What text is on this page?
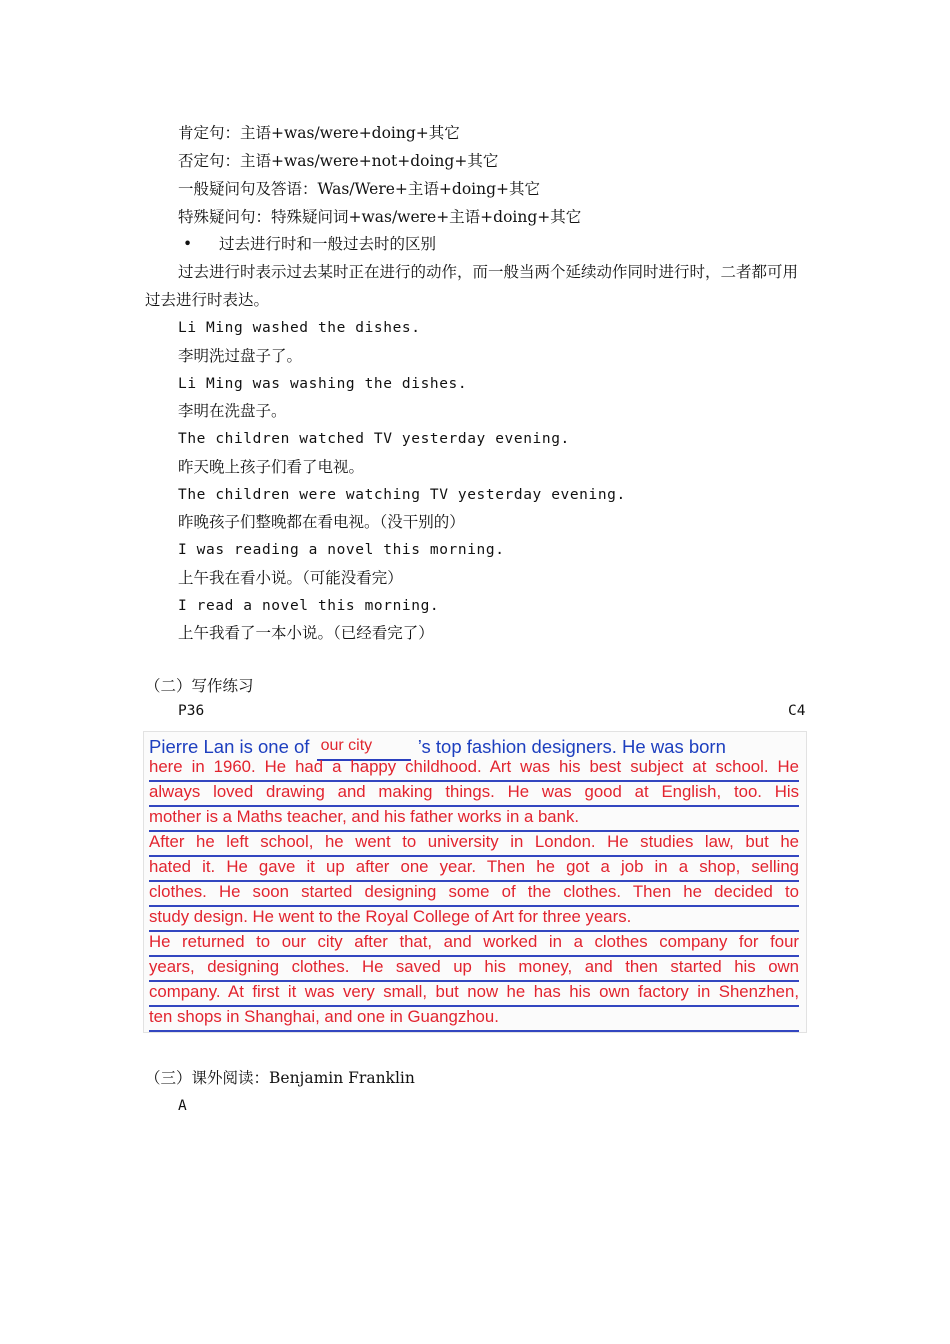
肯定句：主语+was/were+doing+其它
否定句：主语+was/were+not+doing+其它
一般疑问句及答语：Was/Were+主语+doing+其它
特殊疑问句：特殊疑问词+was/were+主语+doing+其它
• 过去进行时和一般过去时的区别
过去进行时表示过去某时正在进行的动作，而一般当两个延续动作同时进行时，二者都可用过去进行时表达。
Li Ming washed the dishes.
李明洗过盘子了。
Li Ming was washing the dishes.
李明在洗盘子。
The children watched TV yesterday evening.
昨天晚上孩子们看了电视。
The children were watching TV yesterday evening.
昨晚孩子们整晚都在看电视。（没干别的）
I was reading a novel this morning.
上午我在看小说。（可能没看完）
I read a novel this morning.
上午我看了一本小说。（已经看完了）
（二）写作练习
P36	C4
Pierre Lan is one of our city ’s top fashion designers. He was born
here in 1960. He had a happy childhood. Art was his best subject at school. He
always loved drawing and making things. He was good at English, too. His
mother is a Maths teacher, and his father works in a bank.
After he left school, he went to university in London. He studies law, but he
hated it. He gave it up after one year. Then he got a job in a shop, selling
clothes. He soon started designing some of the clothes. Then he decided to
study design. He went to the Royal College of Art for three years.
He returned to our city after that, and worked in a clothes company for four
years, designing clothes. He saved up his money, and then started his own
company. At first it was very small, but now he has his own factory in Shenzhen,
ten shops in Shanghai, and one in Guangzhou.
（三）课外阅读：Benjamin Franklin
A
